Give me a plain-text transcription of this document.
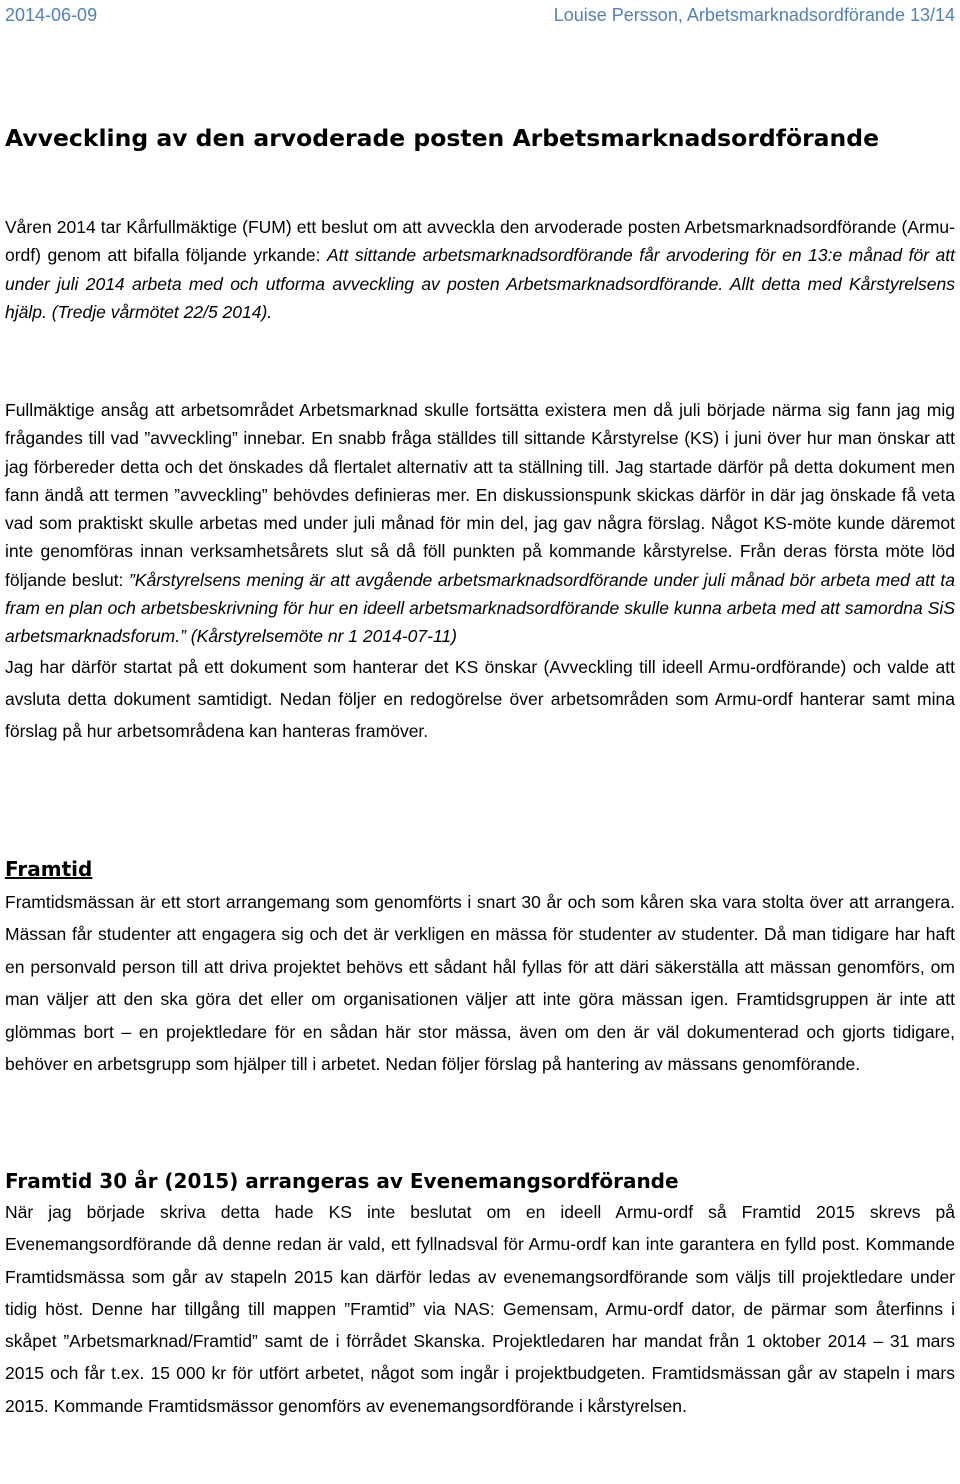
2014-06-09	Louise Persson, Arbetsmarknadsordförande 13/14
Avveckling av den arvoderade posten Arbetsmarknadsordförande

Våren 2014 tar Kårfullmäktige (FUM) ett beslut om att avveckla den arvoderade posten Arbetsmarknadsordförande (Armu-ordf) genom att bifalla följande yrkande: Att sittande arbetsmarknadsordförande får arvodering för en 13:e månad för att under juli 2014 arbeta med och utforma avveckling av posten Arbetsmarknadsordförande. Allt detta med Kårstyrelsens hjälp. (Tredje vårmötet 22/5 2014).

Fullmäktige ansåg att arbetsområdet Arbetsmarknad skulle fortsätta existera men då juli började närma sig fann jag mig frågandes till vad ”avveckling” innebar. En snabb fråga ställdes till sittande Kårstyrelse (KS) i juni över hur man önskar att jag förbereder detta och det önskades då flertalet alternativ att ta ställning till. Jag startade därför på detta dokument men fann ändå att termen ”avveckling” behövdes definieras mer. En diskussionspunk skickas därför in där jag önskade få veta vad som praktiskt skulle arbetas med under juli månad för min del, jag gav några förslag. Något KS-möte kunde däremot inte genomföras innan verksamhetsårets slut så då föll punkten på kommande kårstyrelse. Från deras första möte löd följande beslut: ”Kårstyrelsens mening är att avgående arbetsmarknadsordförande under juli månad bör arbeta med att ta fram en plan och arbetsbeskrivning för hur en ideell arbetsmarknadsordförande skulle kunna arbeta med att samordna SiS arbetsmarknadsforum.” (Kårstyrelsemöte nr 1 2014-07-11)

Jag har därför startat på ett dokument som hanterar det KS önskar (Avveckling till ideell Armu-ordförande) och valde att avsluta detta dokument samtidigt. Nedan följer en redogörelse över arbetsområden som Armu-ordf hanterar samt mina förslag på hur arbetsområdena kan hanteras framöver.

Framtid

Framtidsmässan är ett stort arrangemang som genomförts i snart 30 år och som kåren ska vara stolta över att arrangera. Mässan får studenter att engagera sig och det är verkligen en mässa för studenter av studenter. Då man tidigare har haft en personvald person till att driva projektet behövs ett sådant hål fyllas för att däri säkerställa att mässan genomförs, om man väljer att den ska göra det eller om organisationen väljer att inte göra mässan igen. Framtidsgruppen är inte att glömmas bort – en projektledare för en sådan här stor mässa, även om den är väl dokumenterad och gjorts tidigare, behöver en arbetsgrupp som hjälper till i arbetet. Nedan följer förslag på hantering av mässans genomförande.

Framtid 30 år (2015) arrangeras av Evenemangsordförande

När jag började skriva detta hade KS inte beslutat om en ideell Armu-ordf så Framtid 2015 skrevs på Evenemangsordförande då denne redan är vald, ett fyllnadsval för Armu-ordf kan inte garantera en fylld post. Kommande Framtidsmässa som går av stapeln 2015 kan därför ledas av evenemangsordförande som väljs till projektledare under tidig höst. Denne har tillgång till mappen ”Framtid” via NAS: Gemensam, Armu-ordf dator, de pärmar som återfinns i skåpet ”Arbetsmarknad/Framtid” samt de i förrådet Skanska. Projektledaren har mandat från 1 oktober 2014 – 31 mars 2015 och får t.ex. 15 000 kr för utfört arbetet, något som ingår i projektbudgeten. Framtidsmässan går av stapeln i mars 2015. Kommande Framtidsmässor genomförs av evenemangsordförande i kårstyrelsen.
